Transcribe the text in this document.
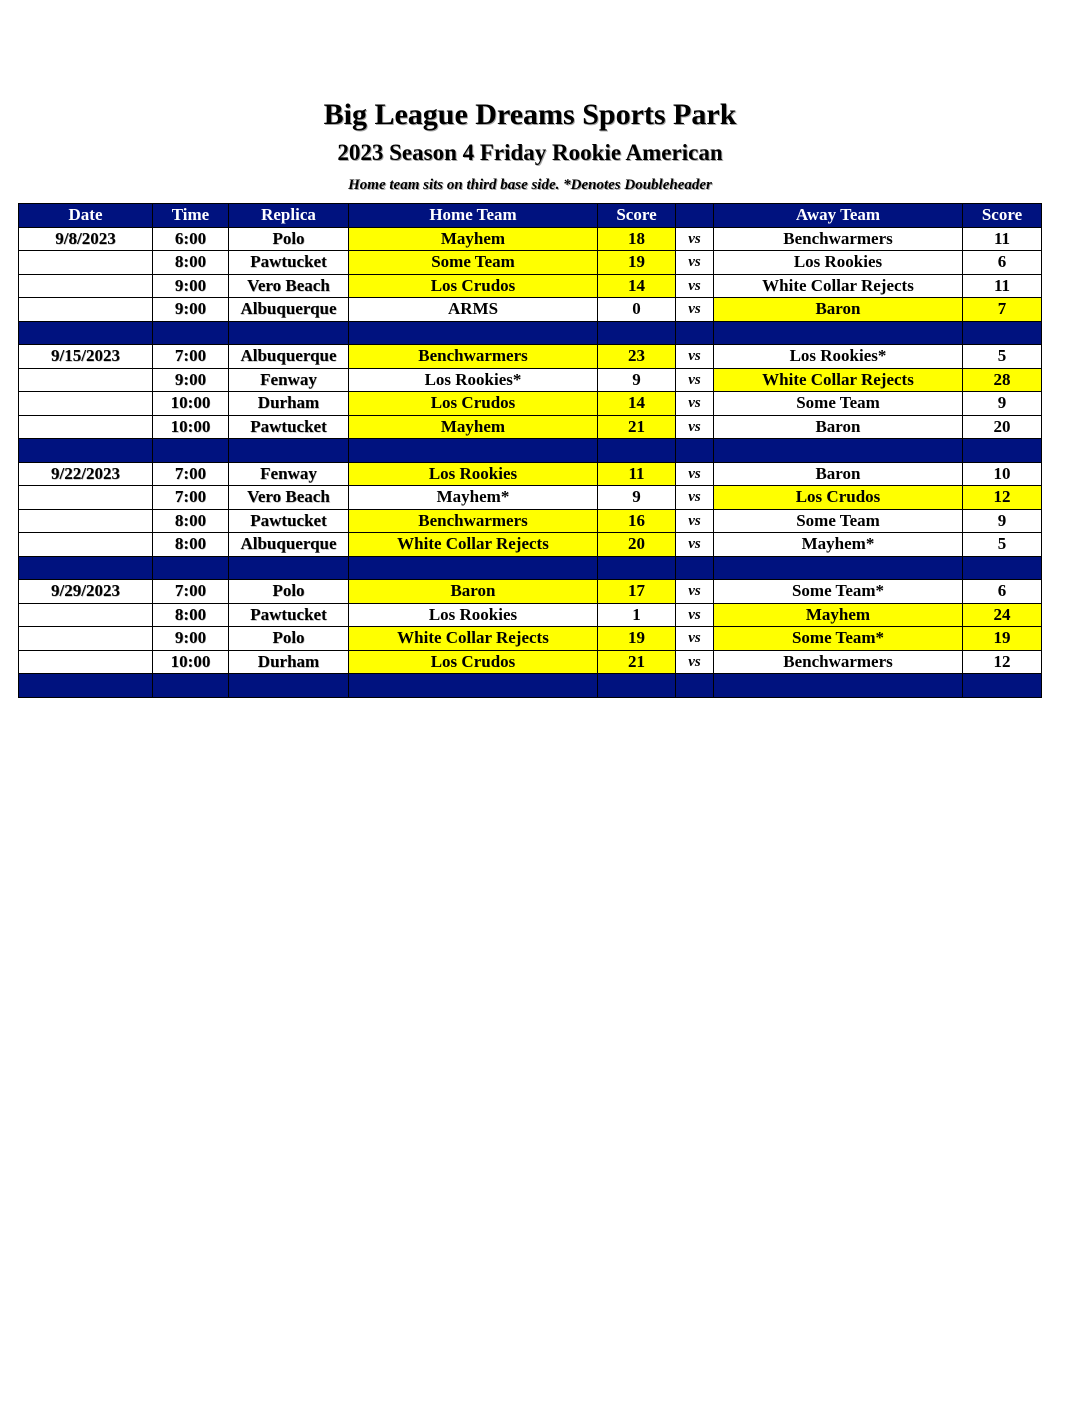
Big League Dreams Sports Park
2023 Season 4 Friday Rookie American
Home team sits on third base side. *Denotes Doubleheader
Date	Time	Replica	Home Team	Score		Away Team	Score
9/8/2023	6:00	Polo	Mayhem	18	vs	Benchwarmers	11
	8:00	Pawtucket	Some Team	19	vs	Los Rookies	6
	9:00	Vero Beach	Los Crudos	14	vs	White Collar Rejects	11
	9:00	Albuquerque	ARMS	0	vs	Baron	7

9/15/2023	7:00	Albuquerque	Benchwarmers	23	vs	Los Rookies*	5
	9:00	Fenway	Los Rookies*	9	vs	White Collar Rejects	28
	10:00	Durham	Los Crudos	14	vs	Some Team	9
	10:00	Pawtucket	Mayhem	21	vs	Baron	20

9/22/2023	7:00	Fenway	Los Rookies	11	vs	Baron	10
	7:00	Vero Beach	Mayhem*	9	vs	Los Crudos	12
	8:00	Pawtucket	Benchwarmers	16	vs	Some Team	9
	8:00	Albuquerque	White Collar Rejects	20	vs	Mayhem*	5

9/29/2023	7:00	Polo	Baron	17	vs	Some Team*	6
	8:00	Pawtucket	Los Rookies	1	vs	Mayhem	24
	9:00	Polo	White Collar Rejects	19	vs	Some Team*	19
	10:00	Durham	Los Crudos	21	vs	Benchwarmers	12
